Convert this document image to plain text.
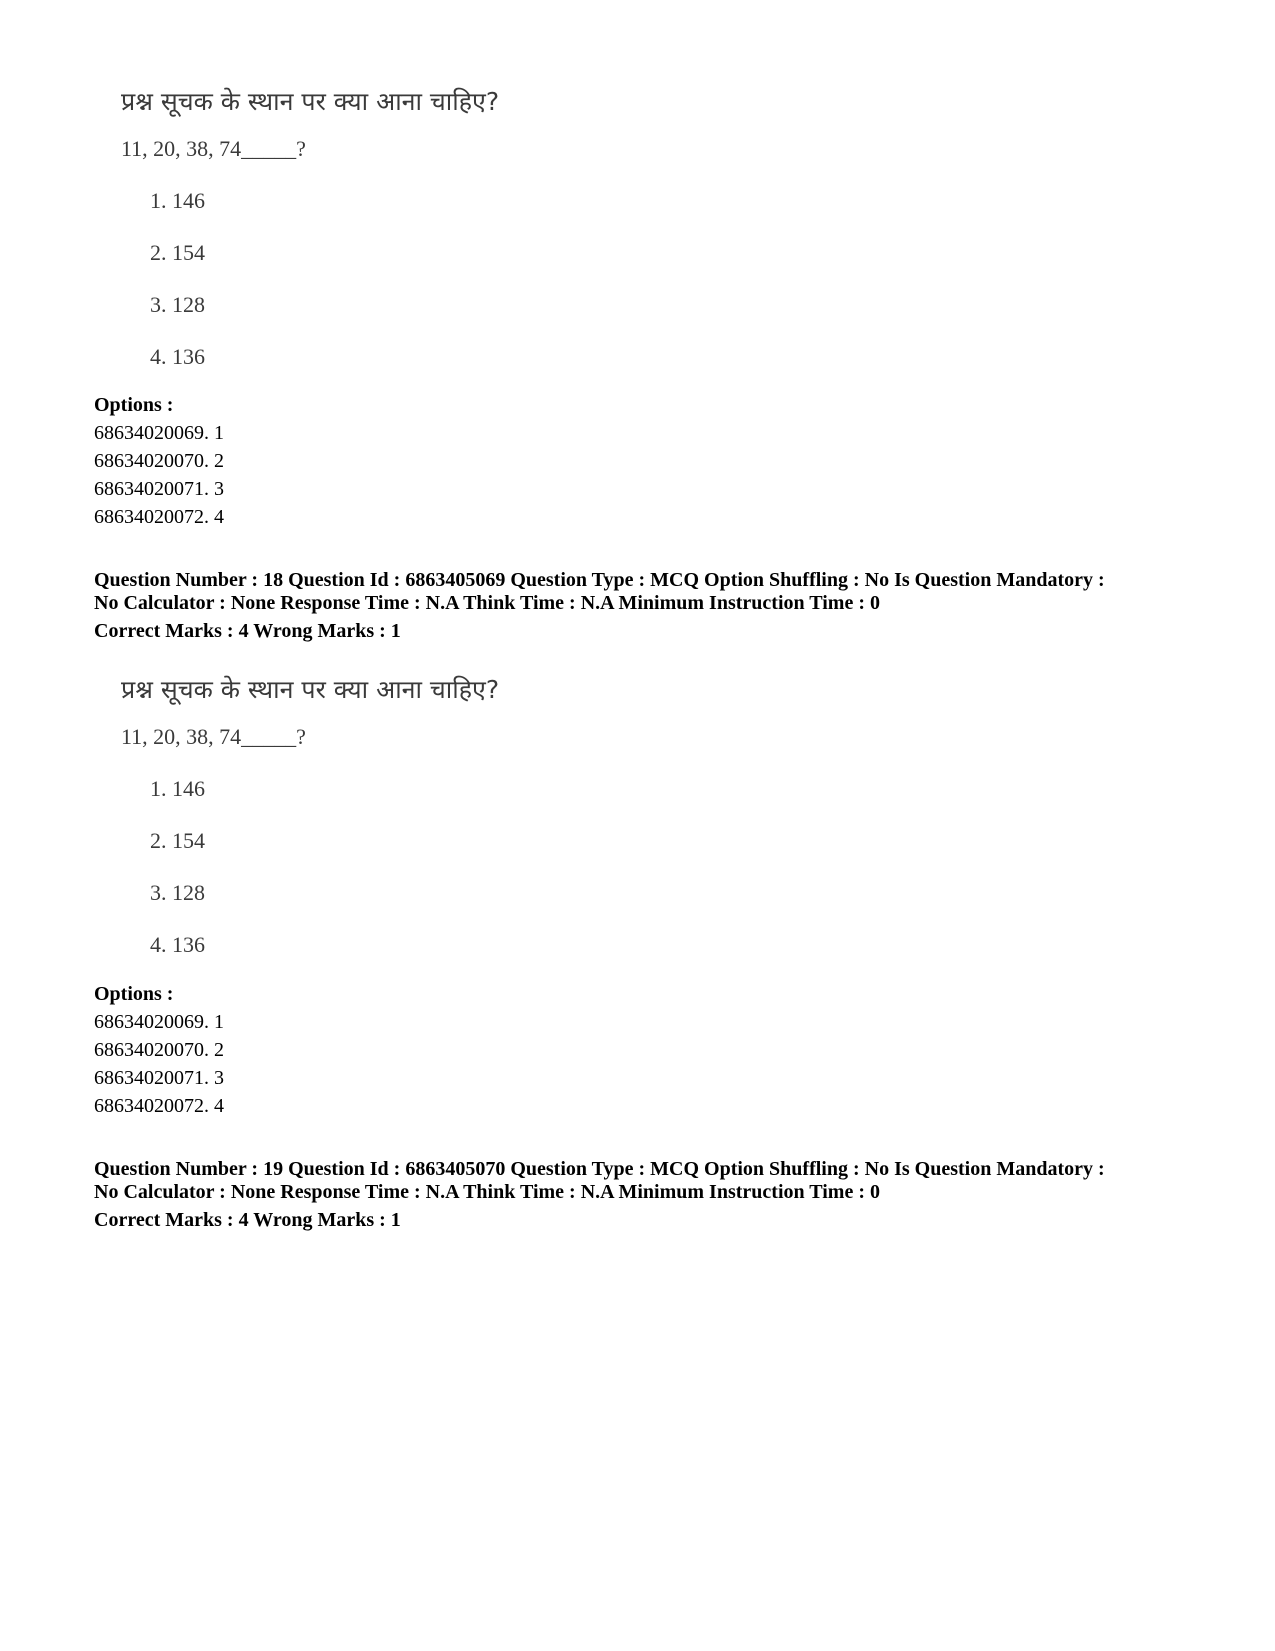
प्रश्न सूचक के स्थान पर क्या आना चाहिए?
11, 20, 38, 74_____?
1. 146
2. 154
3. 128
4. 136
Options :
68634020069. 1
68634020070. 2
68634020071. 3
68634020072. 4
Question Number : 18 Question Id : 6863405069 Question Type : MCQ Option Shuffling : No Is Question Mandatory :
No Calculator : None Response Time : N.A Think Time : N.A Minimum Instruction Time : 0
Correct Marks : 4 Wrong Marks : 1
प्रश्न सूचक के स्थान पर क्या आना चाहिए?
11, 20, 38, 74_____?
1. 146
2. 154
3. 128
4. 136
Options :
68634020069. 1
68634020070. 2
68634020071. 3
68634020072. 4
Question Number : 19 Question Id : 6863405070 Question Type : MCQ Option Shuffling : No Is Question Mandatory :
No Calculator : None Response Time : N.A Think Time : N.A Minimum Instruction Time : 0
Correct Marks : 4 Wrong Marks : 1
